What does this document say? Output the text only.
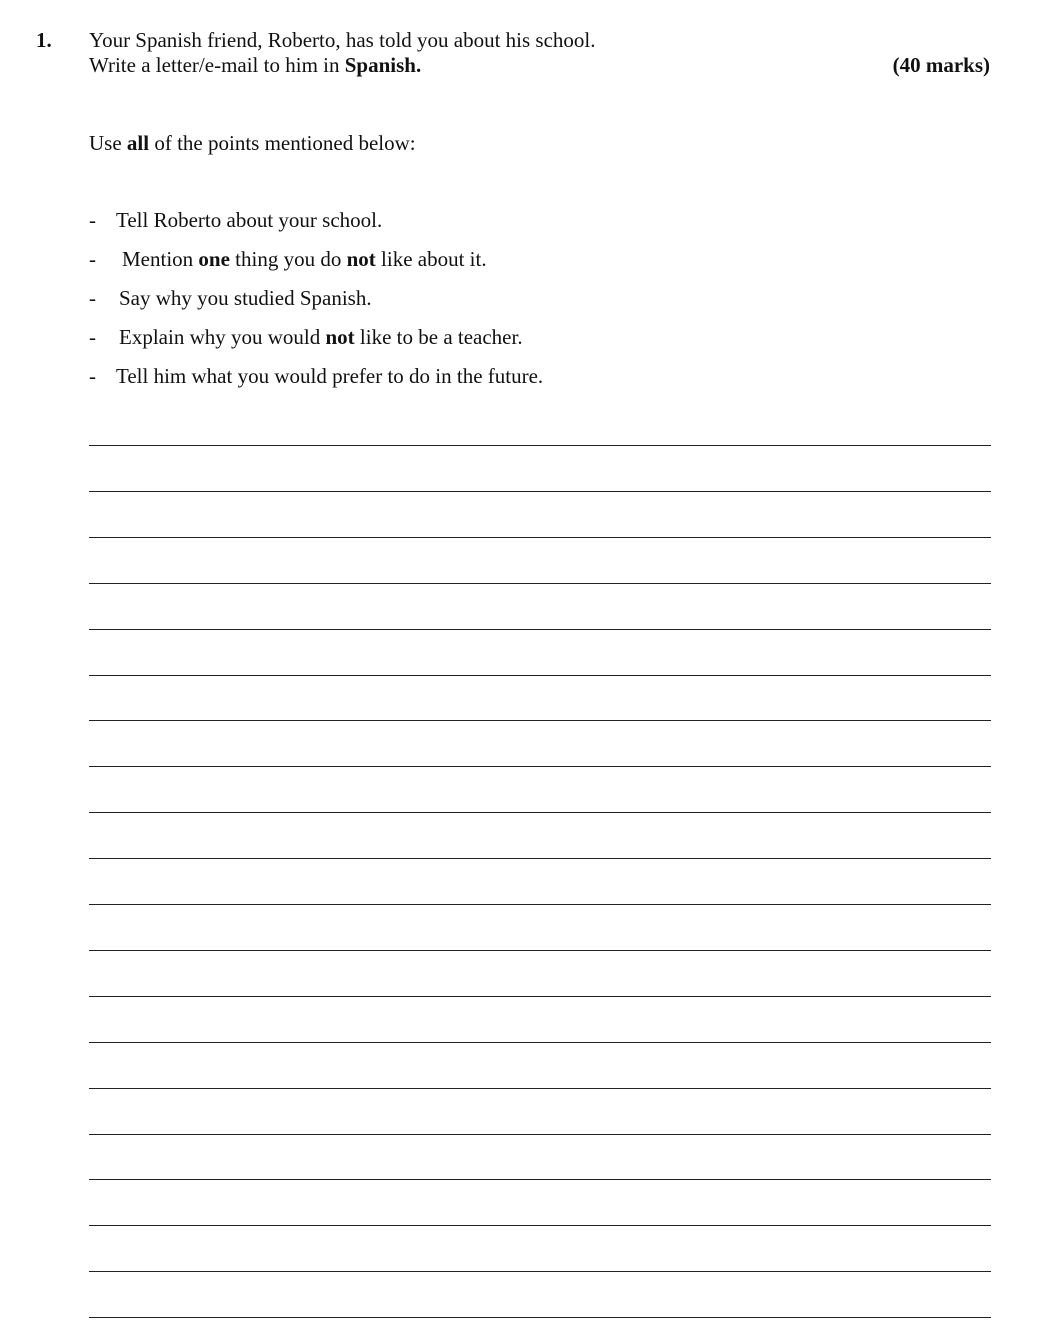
1. Your Spanish friend, Roberto, has told you about his school.
Write a letter/e-mail to him in Spanish.	(40 marks)
Use all of the points mentioned below:
- Tell Roberto about your school.
- Mention one thing you do not like about it.
- Say why you studied Spanish.
- Explain why you would not like to be a teacher.
- Tell him what you would prefer to do in the future.
